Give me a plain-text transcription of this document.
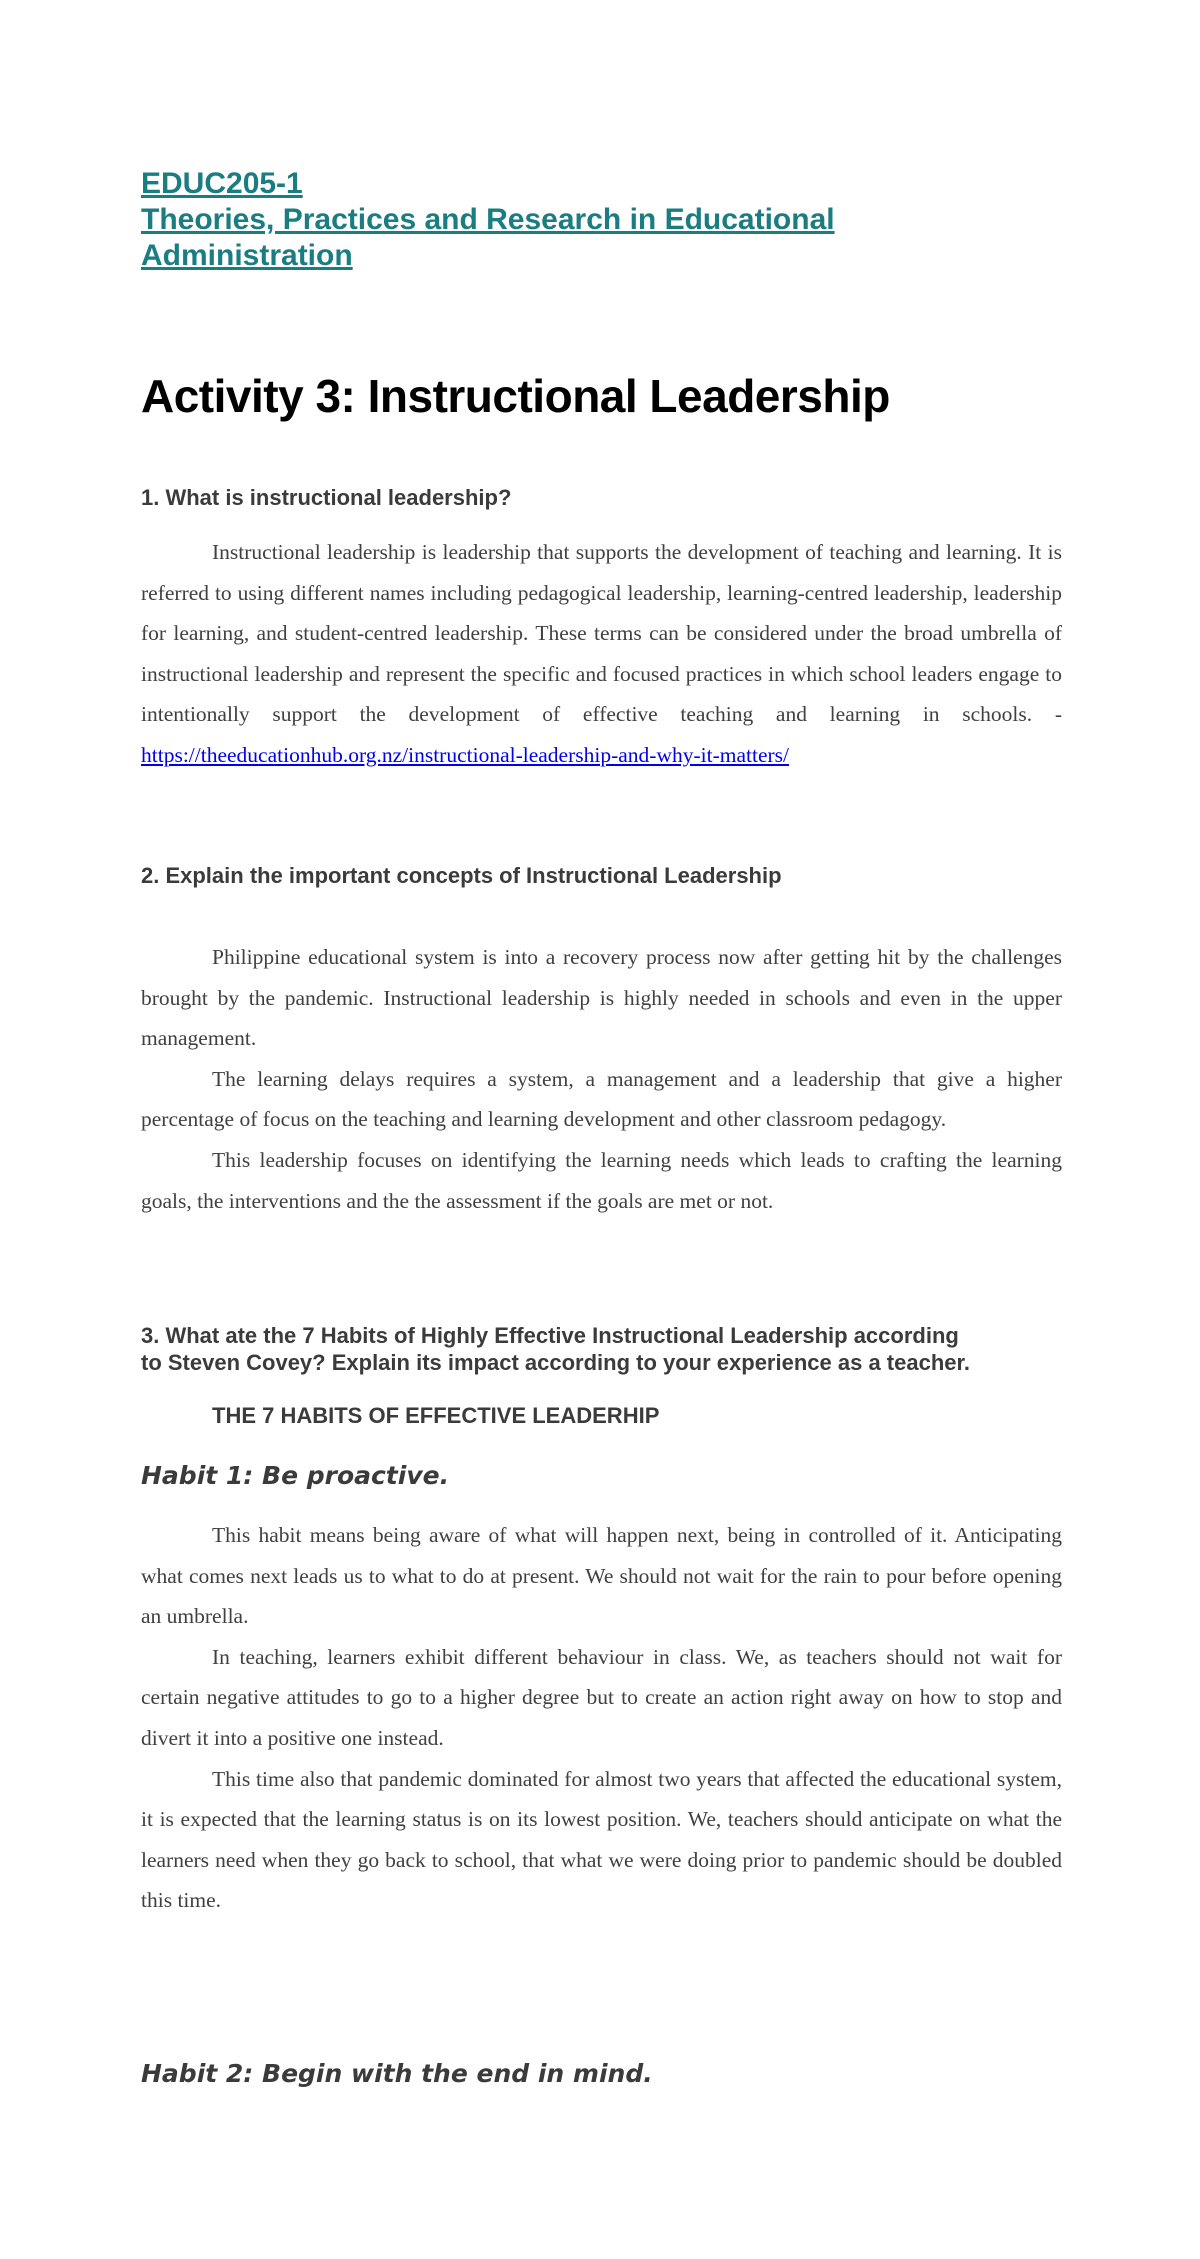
EDUC205-1
Theories, Practices and Research in Educational
Administration
Activity 3: Instructional Leadership
1. What is instructional leadership?

Instructional leadership is leadership that supports the development of teaching and learning. It is referred to using different names including pedagogical leadership, learning-centred leadership, leadership for learning, and student-centred leadership. These terms can be considered under the broad umbrella of instructional leadership and represent the specific and focused practices in which school leaders engage to intentionally support the development of effective teaching and learning in schools. - https://theeducationhub.org.nz/instructional-leadership-and-why-it-matters/

2. Explain the important concepts of Instructional Leadership

Philippine educational system is into a recovery process now after getting hit by the challenges brought by the pandemic. Instructional leadership is highly needed in schools and even in the upper management.

The learning delays requires a system, a management and a leadership that give a higher percentage of focus on the teaching and learning development and other classroom pedagogy.

This leadership focuses on identifying the learning needs which leads to crafting the learning goals, the interventions and the the assessment if the goals are met or not.

3. What ate the 7 Habits of Highly Effective Instructional Leadership according
to Steven Covey? Explain its impact according to your experience as a teacher.
THE 7 HABITS OF EFFECTIVE LEADERHIP
Habit 1: Be proactive.

This habit means being aware of what will happen next, being in controlled of it. Anticipating what comes next leads us to what to do at present. We should not wait for the rain to pour before opening an umbrella.

In teaching, learners exhibit different behaviour in class. We, as teachers should not wait for certain negative attitudes to go to a higher degree but to create an action right away on how to stop and divert it into a positive one instead.

This time also that pandemic dominated for almost two years that affected the educational system, it is expected that the learning status is on its lowest position. We, teachers should anticipate on what the learners need when they go back to school, that what we were doing prior to pandemic should be doubled this time.

Habit 2: Begin with the end in mind.
